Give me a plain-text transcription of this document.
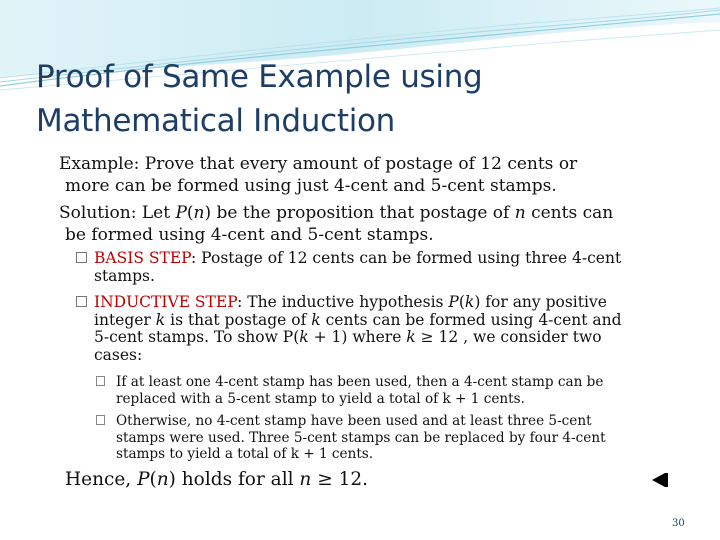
Proof of Same Example using
Mathematical Induction
Example: Prove that every amount of postage of 12 cents or
more can be formed using just 4-cent and 5-cent stamps.
Solution: Let P(n) be the proposition that postage of n cents can
be formed using 4-cent and 5-cent stamps.
BASIS STEP: Postage of 12 cents can be formed using three 4-cent
stamps.
INDUCTIVE STEP: The inductive hypothesis P(k) for any positive
integer k is that postage of k cents can be formed using 4-cent and
5-cent stamps. To show P(k + 1) where k ≥ 12 , we consider two
cases:
If at least one 4-cent stamp has been used, then a 4-cent stamp can be
replaced with a 5-cent stamp to yield a total of k + 1 cents.
Otherwise, no 4-cent stamp have been used and at least three 5-cent
stamps were used. Three 5-cent stamps can be replaced by four 4-cent
stamps to yield a total of k + 1 cents.
Hence, P(n) holds for all n ≥ 12.
30
